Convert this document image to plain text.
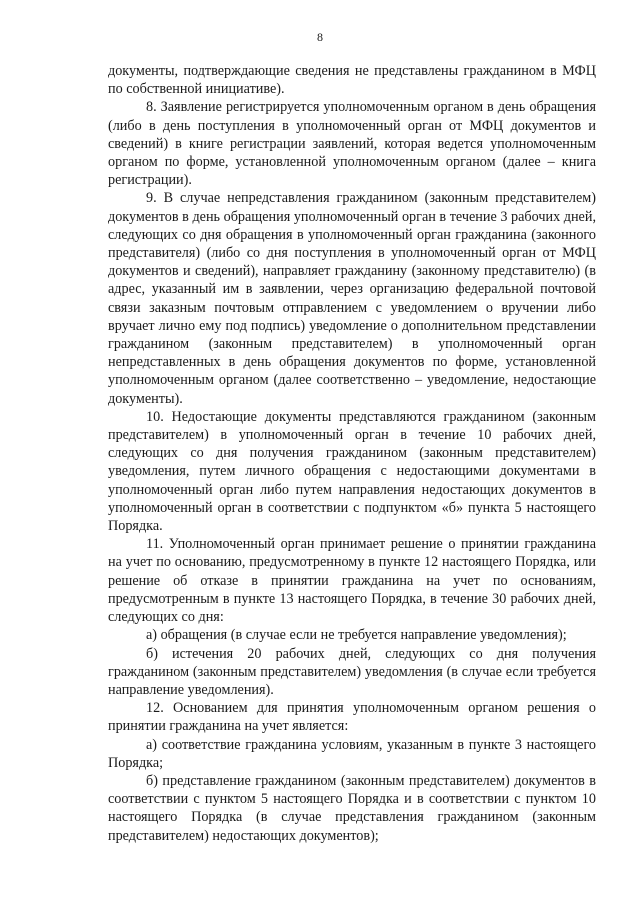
8

документы, подтверждающие сведения не представлены гражданином в МФЦ по собственной инициативе).

8. Заявление регистрируется уполномоченным органом в день обращения (либо в день поступления в уполномоченный орган от МФЦ документов и сведений) в книге регистрации заявлений, которая ведется уполномоченным органом по форме, установленной уполномоченным органом (далее – книга регистрации).

9. В случае непредставления гражданином (законным представителем) документов в день обращения уполномоченный орган в течение 3 рабочих дней, следующих со дня обращения в уполномоченный орган гражданина (законного представителя) (либо со дня поступления в уполномоченный орган от МФЦ документов и сведений), направляет гражданину (законному представителю) (в адрес, указанный им в заявлении, через организацию федеральной почтовой связи заказным почтовым отправлением с уведомлением о вручении либо вручает лично ему под подпись) уведомление о дополнительном представлении гражданином (законным представителем) в уполномоченный орган непредставленных в день обращения документов по форме, установленной уполномоченным органом (далее соответственно – уведомление, недостающие документы).

10. Недостающие документы представляются гражданином (законным представителем) в уполномоченный орган в течение 10 рабочих дней, следующих со дня получения гражданином (законным представителем) уведомления, путем личного обращения с недостающими документами в уполномоченный орган либо путем направления недостающих документов в уполномоченный орган в соответствии с подпунктом «б» пункта 5 настоящего Порядка.

11. Уполномоченный орган принимает решение о принятии гражданина на учет по основанию, предусмотренному в пункте 12 настоящего Порядка, или решение об отказе в принятии гражданина на учет по основаниям, предусмотренным в пункте 13 настоящего Порядка, в течение 30 рабочих дней, следующих со дня:

а) обращения (в случае если не требуется направление уведомления);

б) истечения 20 рабочих дней, следующих со дня получения гражданином (законным представителем) уведомления (в случае если требуется направление уведомления).

12. Основанием для принятия уполномоченным органом решения о принятии гражданина на учет является:

а) соответствие гражданина условиям, указанным в пункте 3 настоящего Порядка;

б) представление гражданином (законным представителем) документов в соответствии с пунктом 5 настоящего Порядка и в соответствии с пунктом 10 настоящего Порядка (в случае представления гражданином (законным представителем) недостающих документов);
